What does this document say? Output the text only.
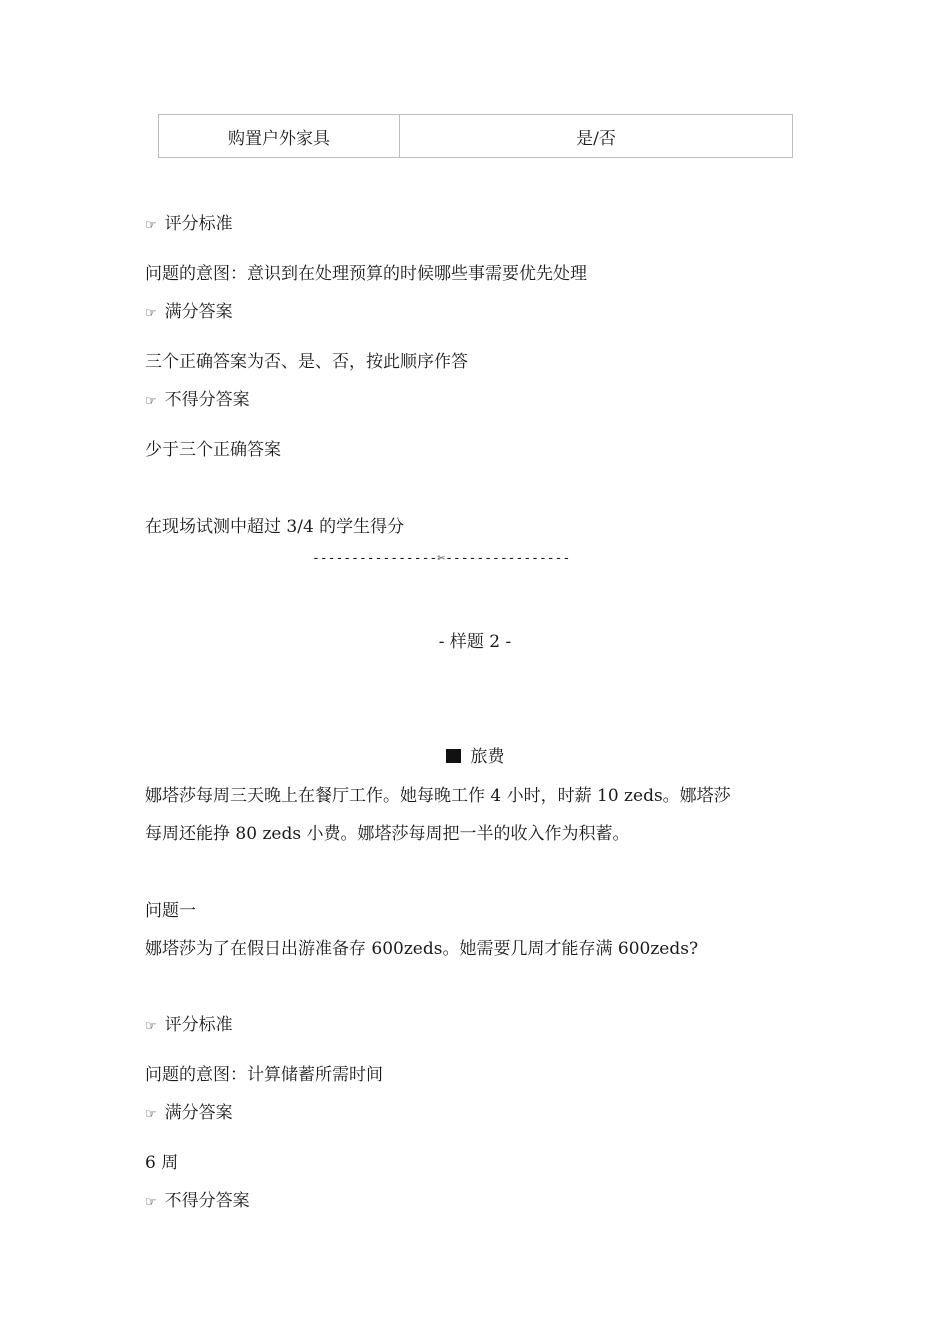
购置户外家具	是/否
☞ 评分标准
问题的意图：意识到在处理预算的时候哪些事需要优先处理
☞ 满分答案
三个正确答案为否、是、否，按此顺序作答
☞ 不得分答案
少于三个正确答案
在现场试测中超过 3/4 的学生得分
----------------✄----------------
- 样题 2 -
旅费
娜塔莎每周三天晚上在餐厅工作。她每晚工作 4 小时，时薪 10 zeds。娜塔莎
每周还能挣 80 zeds 小费。娜塔莎每周把一半的收入作为积蓄。
问题一
娜塔莎为了在假日出游准备存 600zeds。她需要几周才能存满 600zeds?
☞ 评分标准
问题的意图：计算储蓄所需时间
☞ 满分答案
6 周
☞ 不得分答案
